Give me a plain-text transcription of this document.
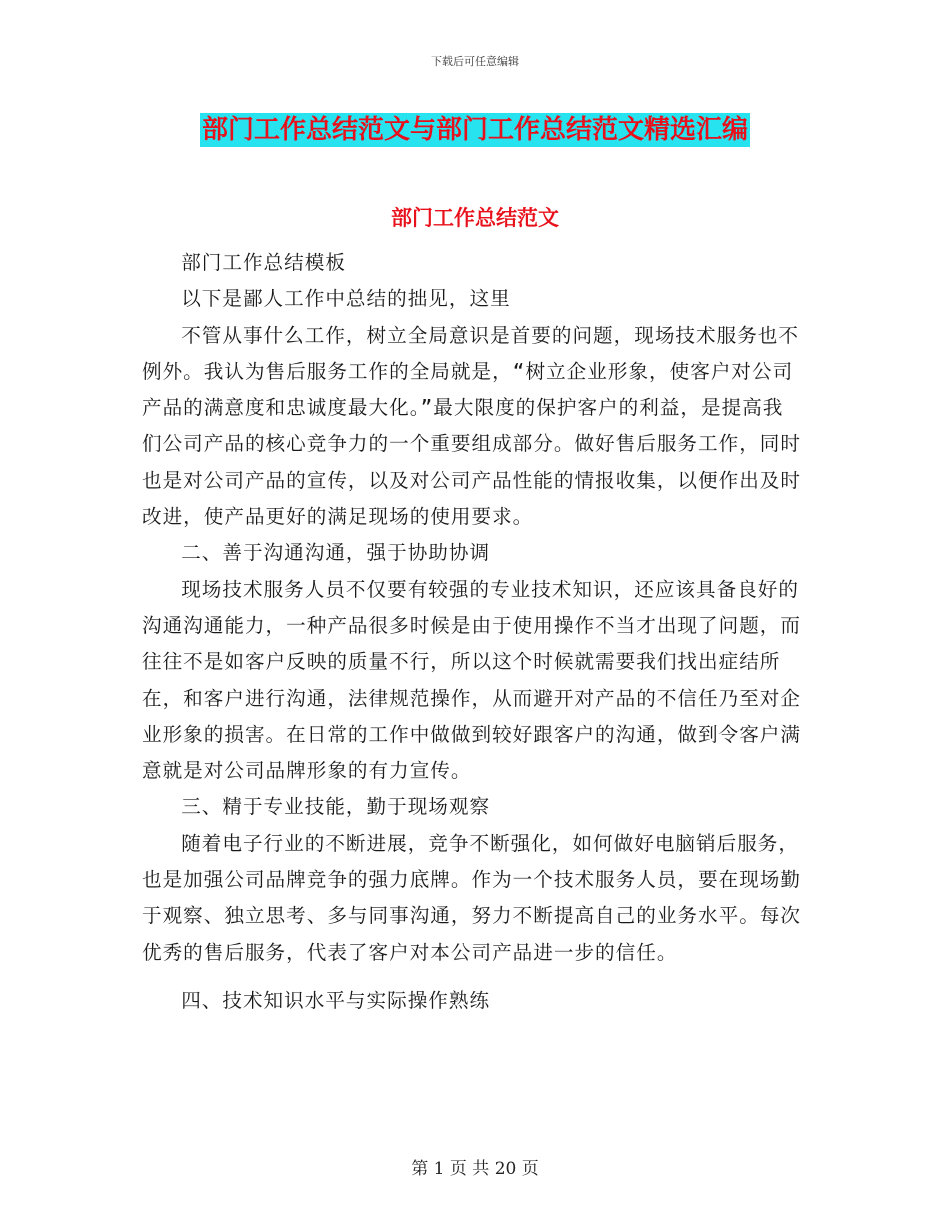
下载后可任意编辑
部门工作总结范文与部门工作总结范文精选汇编
部门工作总结范文

部门工作总结模板

以下是鄙人工作中总结的拙见，这里

不管从事什么工作，树立全局意识是首要的问题，现场技术服务也不例外。我认为售后服务工作的全局就是，“树立企业形象，使客户对公司产品的满意度和忠诚度最大化。”最大限度的保护客户的利益，是提高我们公司产品的核心竞争力的一个重要组成部分。做好售后服务工作，同时也是对公司产品的宣传，以及对公司产品性能的情报收集，以便作出及时改进，使产品更好的满足现场的使用要求。

二、善于沟通沟通，强于协助协调

现场技术服务人员不仅要有较强的专业技术知识，还应该具备良好的沟通沟通能力，一种产品很多时候是由于使用操作不当才出现了问题，而往往不是如客户反映的质量不行，所以这个时候就需要我们找出症结所在，和客户进行沟通，法律规范操作，从而避开对产品的不信任乃至对企业形象的损害。在日常的工作中做做到较好跟客户的沟通，做到令客户满意就是对公司品牌形象的有力宣传。

三、精于专业技能，勤于现场观察

随着电子行业的不断进展，竞争不断强化，如何做好电脑销后服务，也是加强公司品牌竞争的强力底牌。作为一个技术服务人员，要在现场勤于观察、独立思考、多与同事沟通，努力不断提高自己的业务水平。每次优秀的售后服务，代表了客户对本公司产品进一步的信任。

四、技术知识水平与实际操作熟练

第 1 页 共 20 页
